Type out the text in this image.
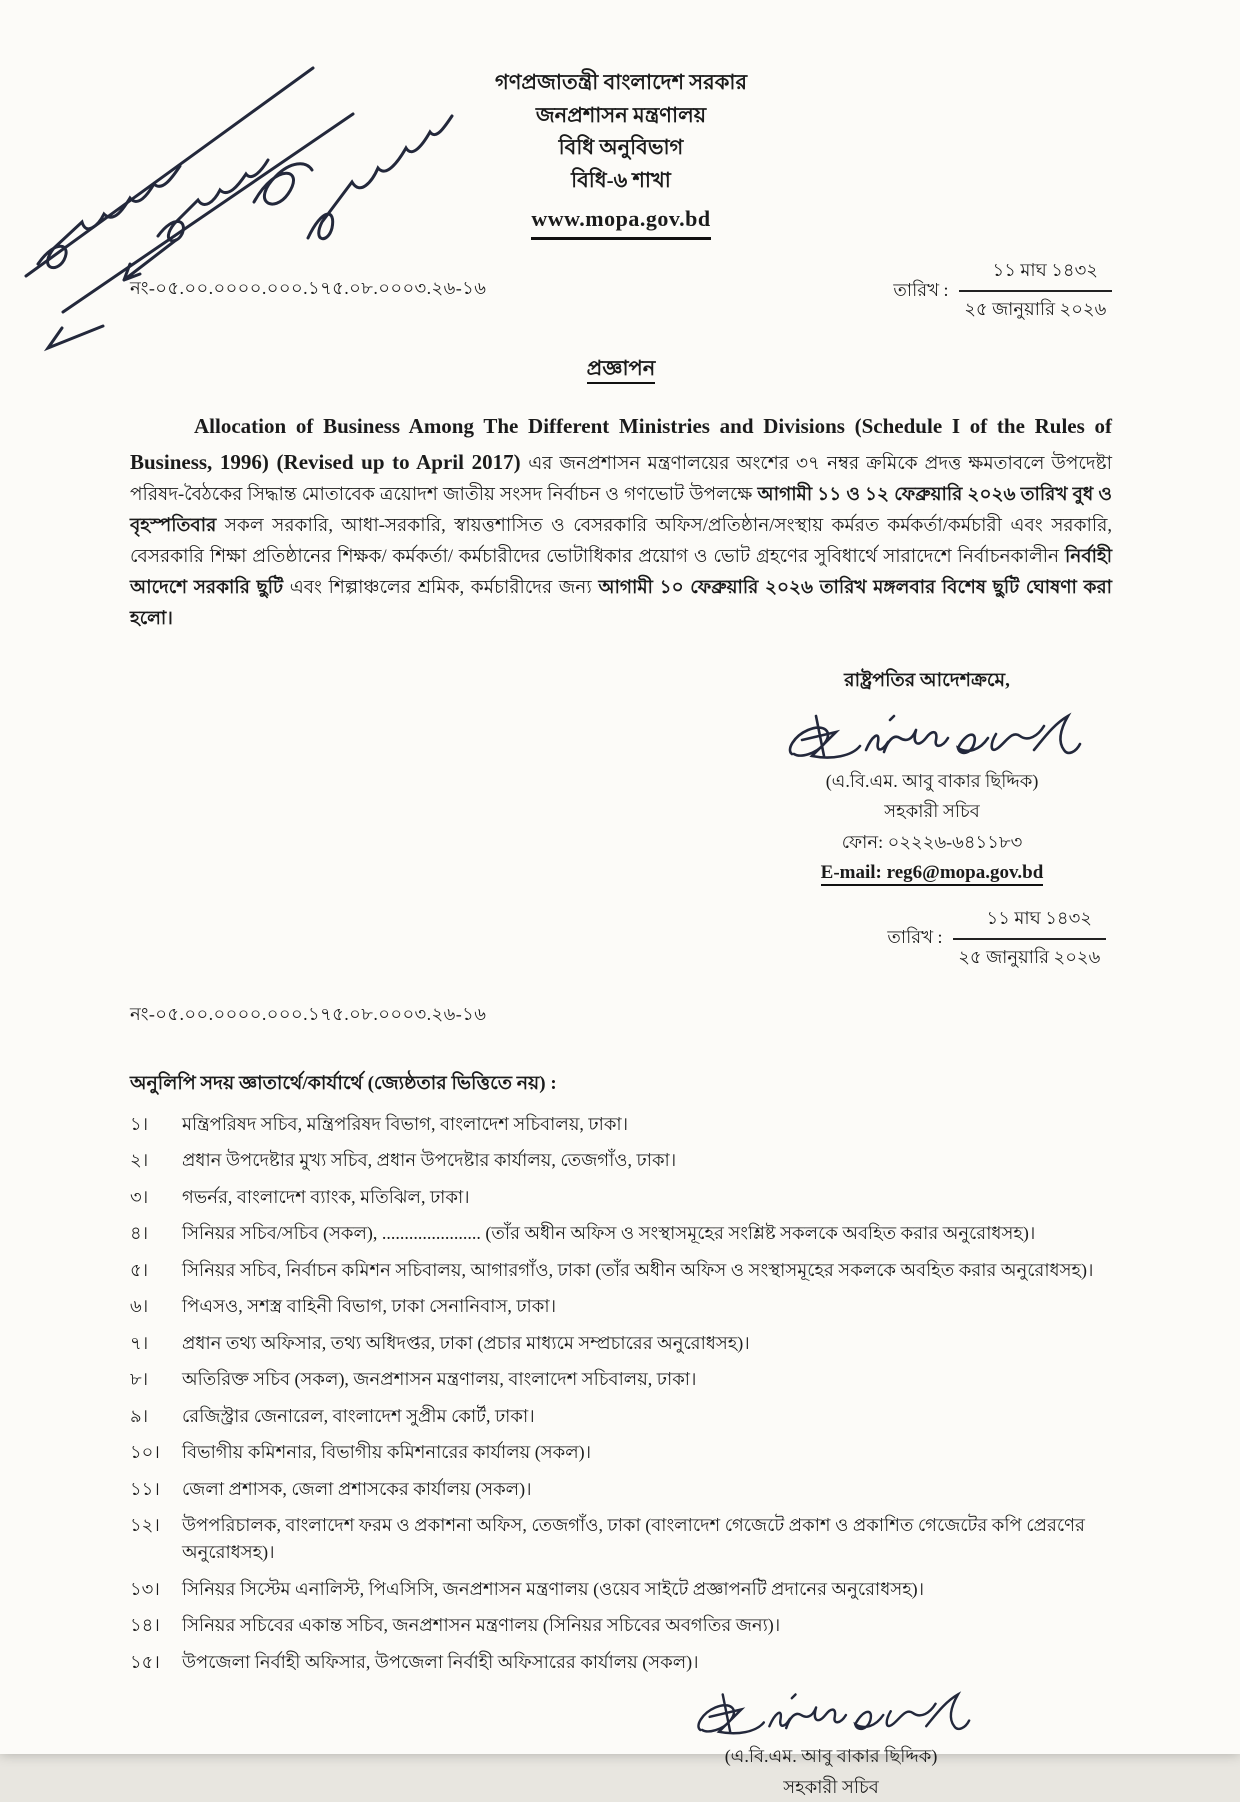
গণপ্রজাতন্ত্রী বাংলাদেশ সরকার
জনপ্রশাসন মন্ত্রণালয়
বিধি অনুবিভাগ
বিধি-৬ শাখা
www.mopa.gov.bd
নং-০৫.০০.০০০০.০০০.১৭৫.০৮.০০০৩.২৬-১৬	তারিখ : $\frac{\text{১১ মাঘ ১৪৩২}}{\text{২৫ জানুয়ারি ২০২৬}}$
প্রজ্ঞাপন

Allocation of Business Among The Different Ministries and Divisions (Schedule I of the Rules of Business, 1996) (Revised up to April 2017) এর জনপ্রশাসন মন্ত্রণালয়ের অংশের ৩৭ নম্বর ক্রমিকে প্রদত্ত ক্ষমতাবলে উপদেষ্টা পরিষদ-বৈঠকের সিদ্ধান্ত মোতাবেক ত্রয়োদশ জাতীয় সংসদ নির্বাচন ও গণভোট উপলক্ষে আগামী ১১ ও ১২ ফেব্রুয়ারি ২০২৬ তারিখ বুধ ও বৃহস্পতিবার সকল সরকারি, আধা-সরকারি, স্বায়ত্তশাসিত ও বেসরকারি অফিস/প্রতিষ্ঠান/সংস্থায় কর্মরত কর্মকর্তা/কর্মচারী এবং সরকারি, বেসরকারি শিক্ষা প্রতিষ্ঠানের শিক্ষক/ কর্মকর্তা/ কর্মচারীদের ভোটাধিকার প্রয়োগ ও ভোট গ্রহণের সুবিধার্থে সারাদেশে নির্বাচনকালীন নির্বাহী আদেশে সরকারি ছুটি এবং শিল্পাঞ্চলের শ্রমিক, কর্মচারীদের জন্য আগামী ১০ ফেব্রুয়ারি ২০২৬ তারিখ মঙ্গলবার বিশেষ ছুটি ঘোষণা করা হলো।

রাষ্ট্রপতির আদেশক্রমে,
(এ.বি.এম. আবু বাকার ছিদ্দিক)
সহকারী সচিব
ফোন: ০২২২৬-৬৪১১৮৩
E-mail: reg6@mopa.gov.bd
তারিখ : $\frac{\text{১১ মাঘ ১৪৩২}}{\text{২৫ জানুয়ারি ২০২৬}}$
নং-০৫.০০.০০০০.০০০.১৭৫.০৮.০০০৩.২৬-১৬
অনুলিপি সদয় জ্ঞাতার্থে/কার্যার্থে (জ্যেষ্ঠতার ভিত্তিতে নয়) :
১।	মন্ত্রিপরিষদ সচিব, মন্ত্রিপরিষদ বিভাগ, বাংলাদেশ সচিবালয়, ঢাকা।
২।	প্রধান উপদেষ্টার মুখ্য সচিব, প্রধান উপদেষ্টার কার্যালয়, তেজগাঁও, ঢাকা।
৩।	গভর্নর, বাংলাদেশ ব্যাংক, মতিঝিল, ঢাকা।
৪।	সিনিয়র সচিব/সচিব (সকল), ...................... (তাঁর অধীন অফিস ও সংস্থাসমূহের সংশ্লিষ্ট সকলকে অবহিত করার অনুরোধসহ)।
৫।	সিনিয়র সচিব, নির্বাচন কমিশন সচিবালয়, আগারগাঁও, ঢাকা (তাঁর অধীন অফিস ও সংস্থাসমূহের সকলকে অবহিত করার অনুরোধসহ)।
৬।	পিএসও, সশস্ত্র বাহিনী বিভাগ, ঢাকা সেনানিবাস, ঢাকা।
৭।	প্রধান তথ্য অফিসার, তথ্য অধিদপ্তর, ঢাকা (প্রচার মাধ্যমে সম্প্রচারের অনুরোধসহ)।
৮।	অতিরিক্ত সচিব (সকল), জনপ্রশাসন মন্ত্রণালয়, বাংলাদেশ সচিবালয়, ঢাকা।
৯।	রেজিস্ট্রার জেনারেল, বাংলাদেশ সুপ্রীম কোর্ট, ঢাকা।
১০।	বিভাগীয় কমিশনার, বিভাগীয় কমিশনারের কার্যালয় (সকল)।
১১।	জেলা প্রশাসক, জেলা প্রশাসকের কার্যালয় (সকল)।
১২।	উপপরিচালক, বাংলাদেশ ফরম ও প্রকাশনা অফিস, তেজগাঁও, ঢাকা (বাংলাদেশ গেজেটে প্রকাশ ও প্রকাশিত গেজেটের কপি প্রেরণের অনুরোধসহ)।
১৩।	সিনিয়র সিস্টেম এনালিস্ট, পিএসিসি, জনপ্রশাসন মন্ত্রণালয় (ওয়েব সাইটে প্রজ্ঞাপনটি প্রদানের অনুরোধসহ)।
১৪।	সিনিয়র সচিবের একান্ত সচিব, জনপ্রশাসন মন্ত্রণালয় (সিনিয়র সচিবের অবগতির জন্য)।
১৫।	উপজেলা নির্বাহী অফিসার, উপজেলা নির্বাহী অফিসারের কার্যালয় (সকল)।
(এ.বি.এম. আবু বাকার ছিদ্দিক)
সহকারী সচিব
